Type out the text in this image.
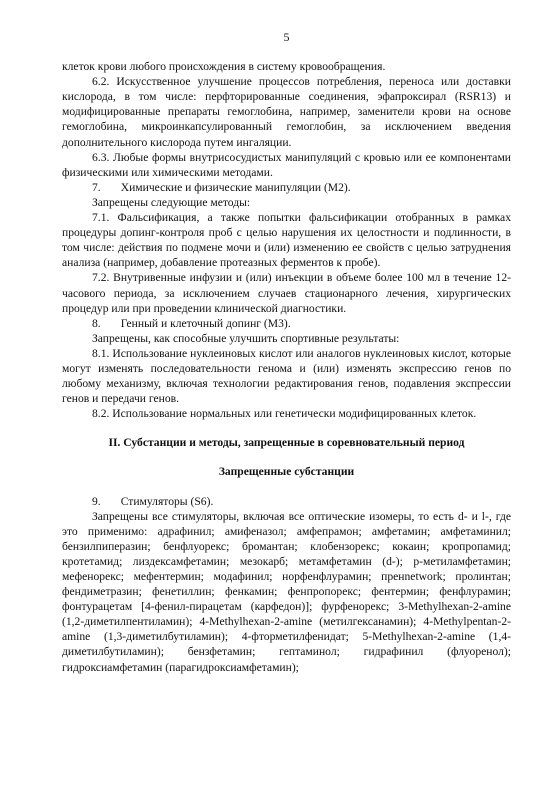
5

клеток крови любого происхождения в систему кровообращения.

6.2. Искусственное улучшение процессов потребления, переноса или доставки кислорода, в том числе: перфторированные соединения, эфапроксирал (RSR13) и модифицированные препараты гемоглобина, например, заменители крови на основе гемоглобина, микроинкапсулированный гемоглобин, за исключением введения дополнительного кислорода путем ингаляции.

6.3. Любые формы внутрисосудистых манипуляций с кровью или ее компонентами физическими или химическими методами.

7. Химические и физические манипуляции (М2).

Запрещены следующие методы:

7.1. Фальсификация, а также попытки фальсификации отобранных в рамках процедуры допинг-контроля проб с целью нарушения их целостности и подлинности, в том числе: действия по подмене мочи и (или) изменению ее свойств с целью затруднения анализа (например, добавление протеазных ферментов к пробе).

7.2. Внутривенные инфузии и (или) инъекции в объеме более 100 мл в течение 12-часового периода, за исключением случаев стационарного лечения, хирургических процедур или при проведении клинической диагностики.

8. Генный и клеточный допинг (М3).

Запрещены, как способные улучшить спортивные результаты:

8.1. Использование нуклеиновых кислот или аналогов нуклеиновых кислот, которые могут изменять последовательности генома и (или) изменять экспрессию генов по любому механизму, включая технологии редактирования генов, подавления экспрессии генов и передачи генов.

8.2. Использование нормальных или генетически модифицированных клеток.

II. Субстанции и методы, запрещенные в соревновательный период

Запрещенные субстанции

9. Стимуляторы (S6).

Запрещены все стимуляторы, включая все оптические изомеры, то есть d- и l-, где это применимо: адрафинил; амифеназол; амфепрамон; амфетамин; амфетаминил; бензилпиперазин; бенфлуорекс; бромантан; клобензорекс; кокаин; кропропамид; кротетамид; лиздексамфетамин; мезокарб; метамфетамин (d-); р-метиламфетамин; мефенорекс; мефентермин; модафинил; норфенфлурамин; пренnetwork; пролинтан; фендиметразин; фенетиллин; фенкамин; фенпропорекс; фентермин; фенфлурамин; фонтурацетам [4-фенил-пирацетам (карфедон)]; фурфенорекс; 3-Methylhexan-2-amine (1,2-диметилпентиламин); 4-Methylhexan-2-amine (метилгексанамин); 4-Methylpentan-2-amine (1,3-диметилбутиламин); 4-фторметилфенидат; 5-Methylhexan-2-amine (1,4-диметилбутиламин); бензфетамин; гептаминол; гидрафинил (флуоренол); гидроксиамфетамин (парагидроксиамфетамин);
